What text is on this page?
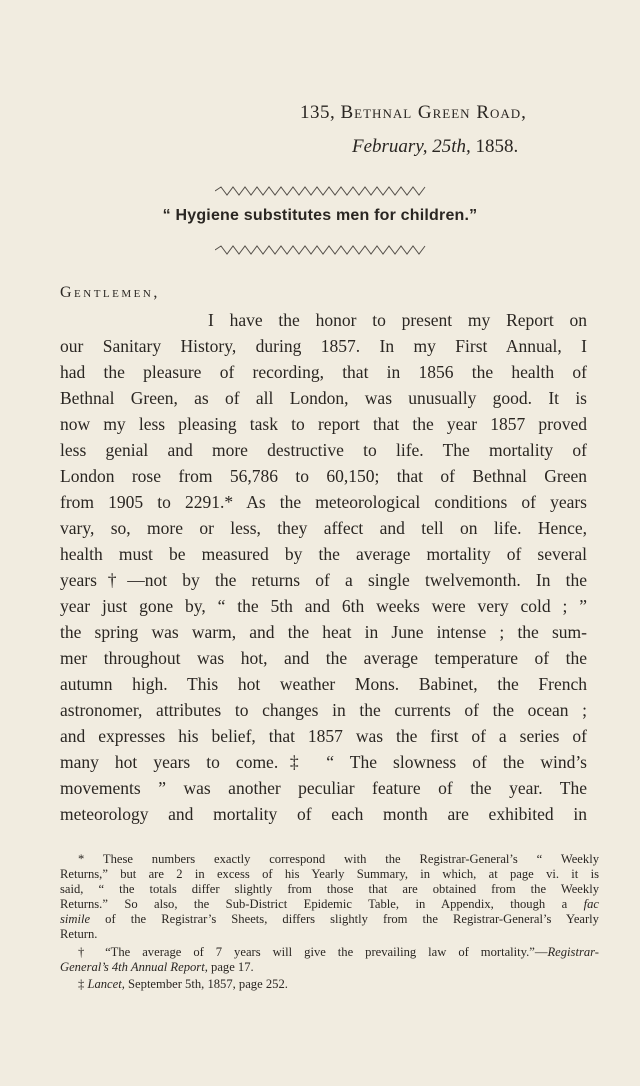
135, Bethnal Green Road,
February, 25th, 1858.
“ Hygiene substitutes men for children.”
Gentlemen,
I have the honor to present my Report on
our Sanitary History, during 1857. In my First Annual, I
had the pleasure of recording, that in 1856 the health of
Bethnal Green, as of all London, was unusually good. It is
now my less pleasing task to report that the year 1857 proved
less genial and more destructive to life. The mortality of
London rose from 56,786 to 60,150; that of Bethnal Green
from 1905 to 2291.* As the meteorological conditions of years
vary, so, more or less, they affect and tell on life. Hence,
health must be measured by the average mortality of several
years†—not by the returns of a single twelvemonth. In the
year just gone by, “ the 5th and 6th weeks were very cold ; ”
the spring was warm, and the heat in June intense ; the sum-
mer throughout was hot, and the average temperature of the
autumn high. This hot weather Mons. Babinet, the French
astronomer, attributes to changes in the currents of the ocean ;
and expresses his belief, that 1857 was the first of a series of
many hot years to come.‡ “ The slowness of the wind’s
movements ” was another peculiar feature of the year. The
meteorology and mortality of each month are exhibited in
* These numbers exactly correspond with the Registrar-General’s “ Weekly
Returns,” but are 2 in excess of his Yearly Summary, in which, at page vi. it is
said, “ the totals differ slightly from those that are obtained from the Weekly
Returns.” So also, the Sub-District Epidemic Table, in Appendix, though a fac
simile of the Registrar’s Sheets, differs slightly from the Registrar-General’s Yearly
Return.
† “The average of 7 years will give the prevailing law of mortality.”—Registrar-
General’s 4th Annual Report, page 17.
‡ Lancet, September 5th, 1857, page 252.
